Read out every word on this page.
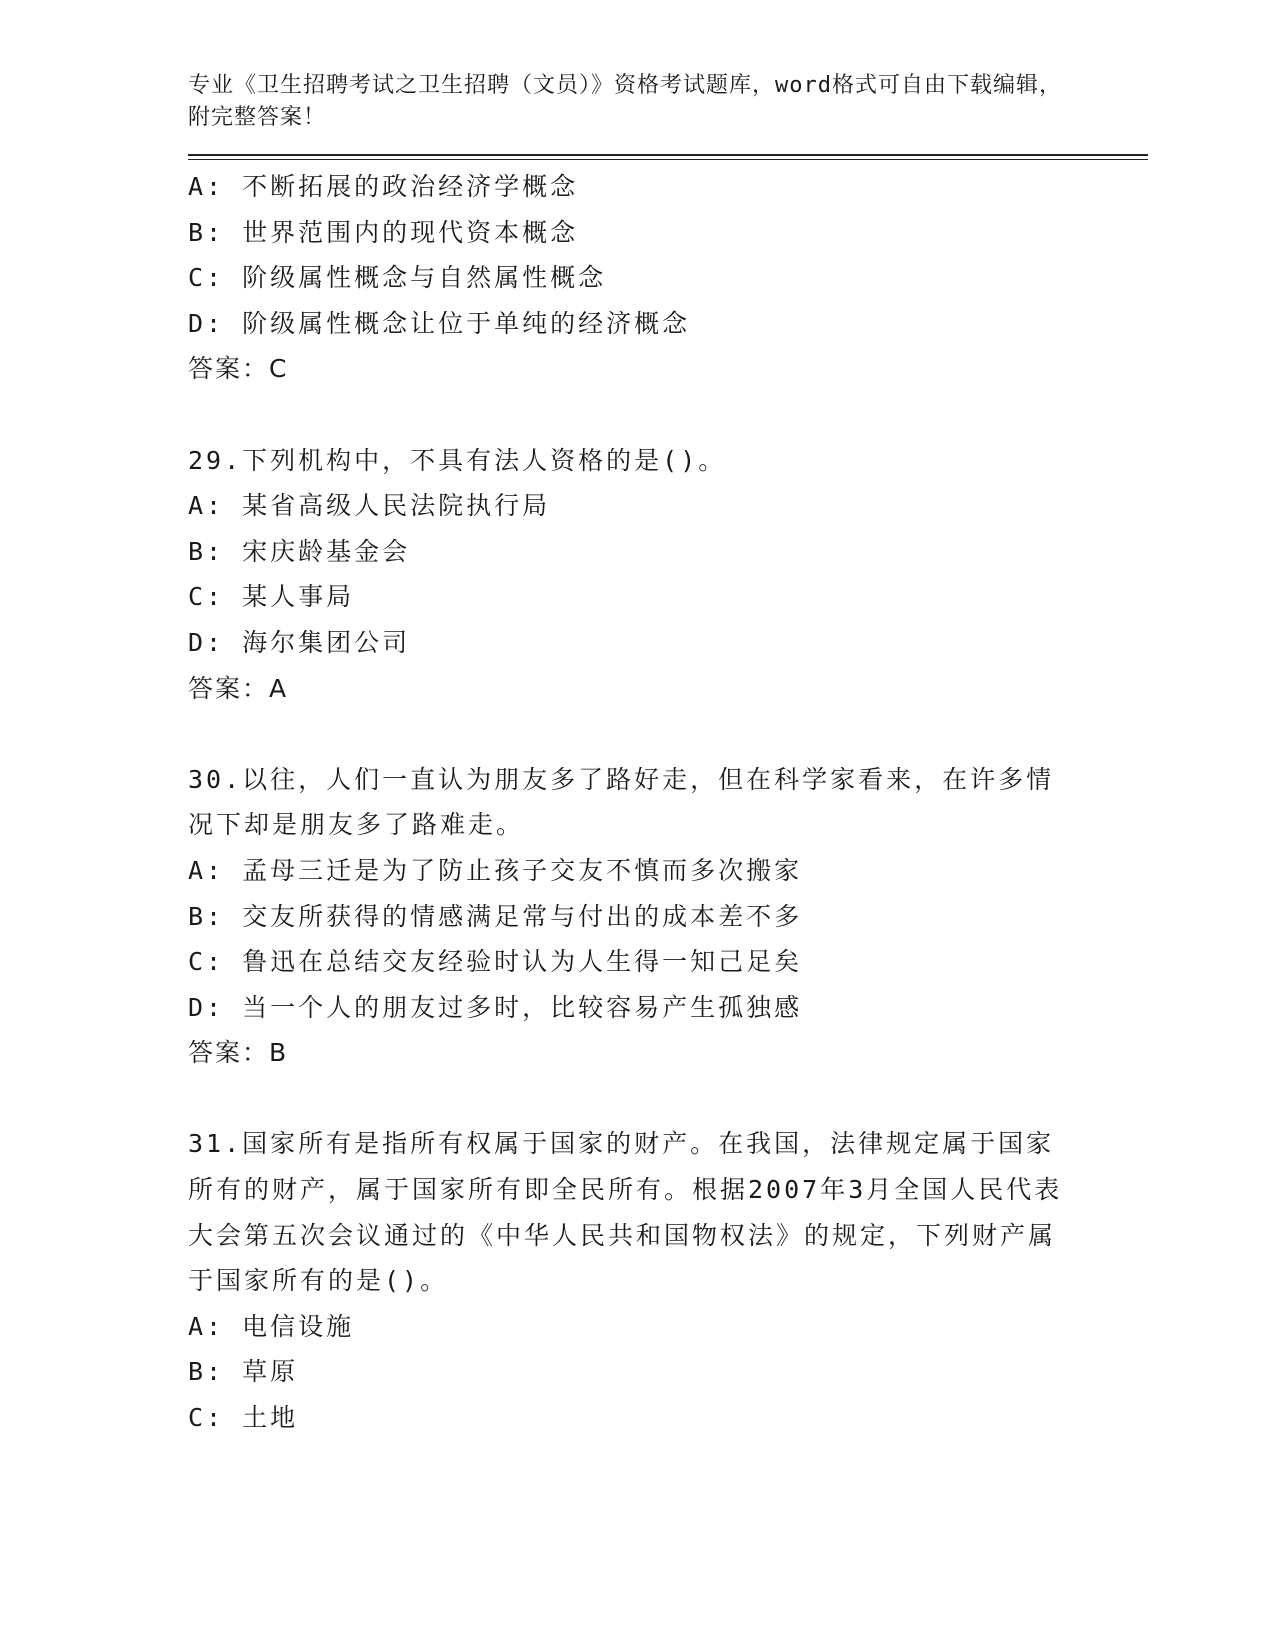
专业《卫生招聘考试之卫生招聘（文员）》资格考试题库，word格式可自由下载编辑，附完整答案！
A: 不断拓展的政治经济学概念
B: 世界范围内的现代资本概念
C: 阶级属性概念与自然属性概念
D: 阶级属性概念让位于单纯的经济概念
答案：C
29.下列机构中，不具有法人资格的是()。
A: 某省高级人民法院执行局
B: 宋庆龄基金会
C: 某人事局
D: 海尔集团公司
答案：A
30.以往，人们一直认为朋友多了路好走，但在科学家看来，在许多情况下却是朋友多了路难走。
A: 孟母三迁是为了防止孩子交友不慎而多次搬家
B: 交友所获得的情感满足常与付出的成本差不多
C: 鲁迅在总结交友经验时认为人生得一知己足矣
D: 当一个人的朋友过多时，比较容易产生孤独感
答案：B
31.国家所有是指所有权属于国家的财产。在我国，法律规定属于国家所有的财产，属于国家所有即全民所有。根据2007年3月全国人民代表大会第五次会议通过的《中华人民共和国物权法》的规定，下列财产属于国家所有的是()。
A: 电信设施
B: 草原
C: 土地
